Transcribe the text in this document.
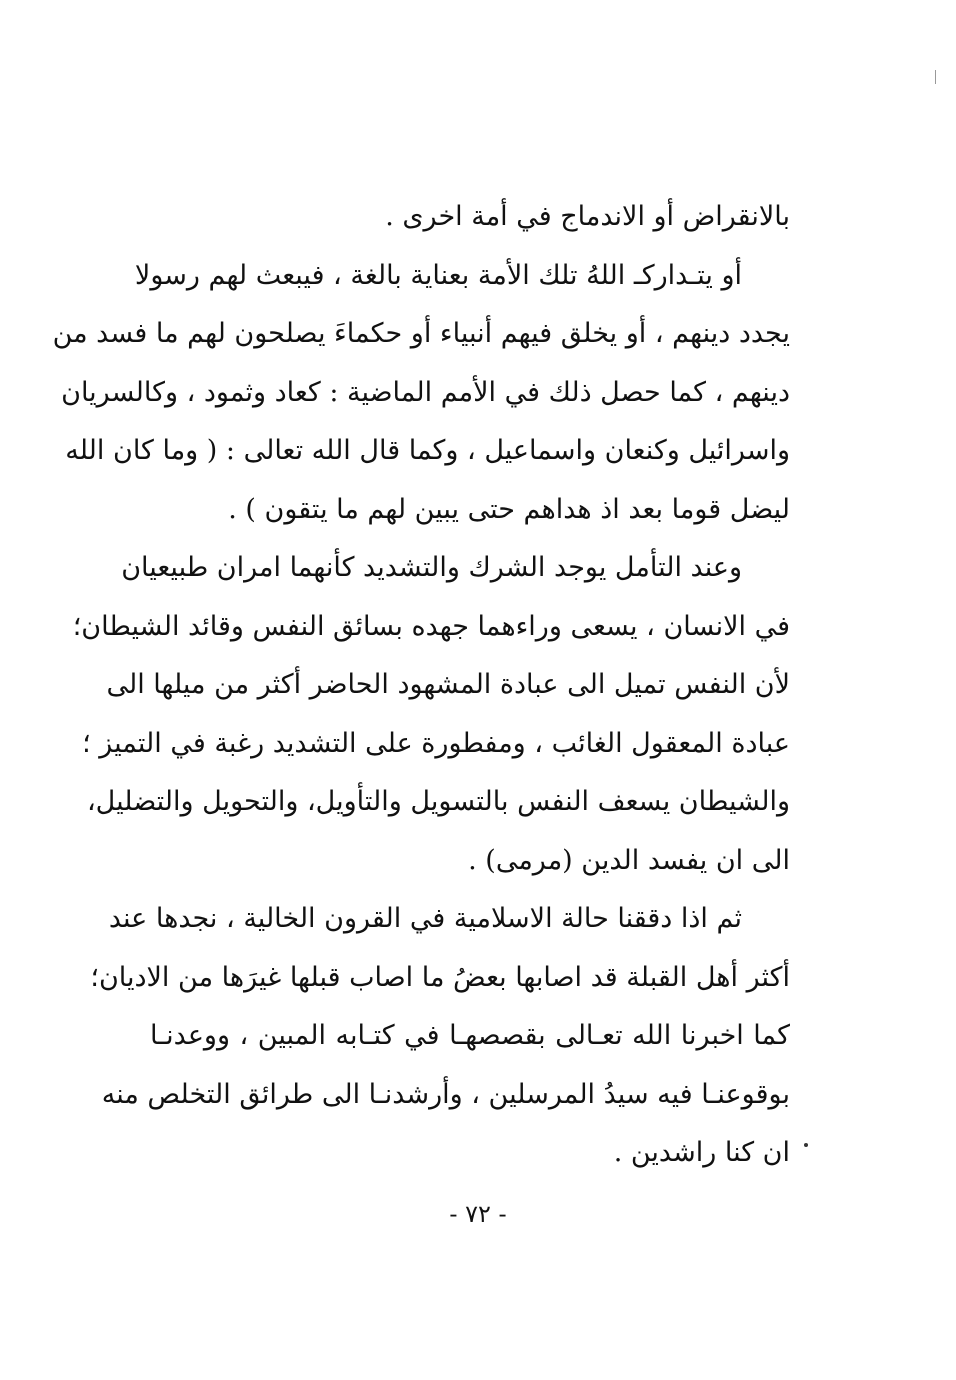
بالانقراض أو الاندماج في أمة اخرى .
أو يتـداركـ اللهُ تلك الأمة بعناية بالغة ، فيبعث لهم رسولا
يجدد دينهم ، أو يخلق فيهم أنبياء أو حكماءَ يصلحون لهم ما فسد من
دينهم ، كما حصل ذلك في الأمم الماضية : كعاد وثمود ، وكالسريان
واسرائيل وكنعان واسماعيل ، وكما قال الله تعالى : ( وما كان الله
ليضل قوما بعد اذ هداهم حتى يبين لهم ما يتقون ) .
وعند التأمل يوجد الشرك والتشديد كأنهما امران طبيعيان
في الانسان ، يسعى وراءهما جهده بسائق النفس وقائد الشيطان؛
لأن النفس تميل الى عبادة المشهود الحاضر أكثر من ميلها الى
عبادة المعقول الغائب ، ومفطورة على التشديد رغبة في التميز ؛
والشيطان يسعف النفس بالتسويل والتأويل، والتحويل والتضليل،
الى ان يفسد الدين (مرمى) .
ثم اذا دققنا حالة الاسلامية في القرون الخالية ، نجدها عند
أكثر أهل القبلة قد اصابها بعضُ ما اصاب قبلها غيرَها من الاديان؛
كما اخبرنا الله تعـالى بقصصهـا في كتـابه المبين ، ووعدنـا
بوقوعنـا فيه سيدُ المرسلين ، وأرشدنـا الى طرائق التخلص منه
ان كنا راشدين .
- ٧٢ -
